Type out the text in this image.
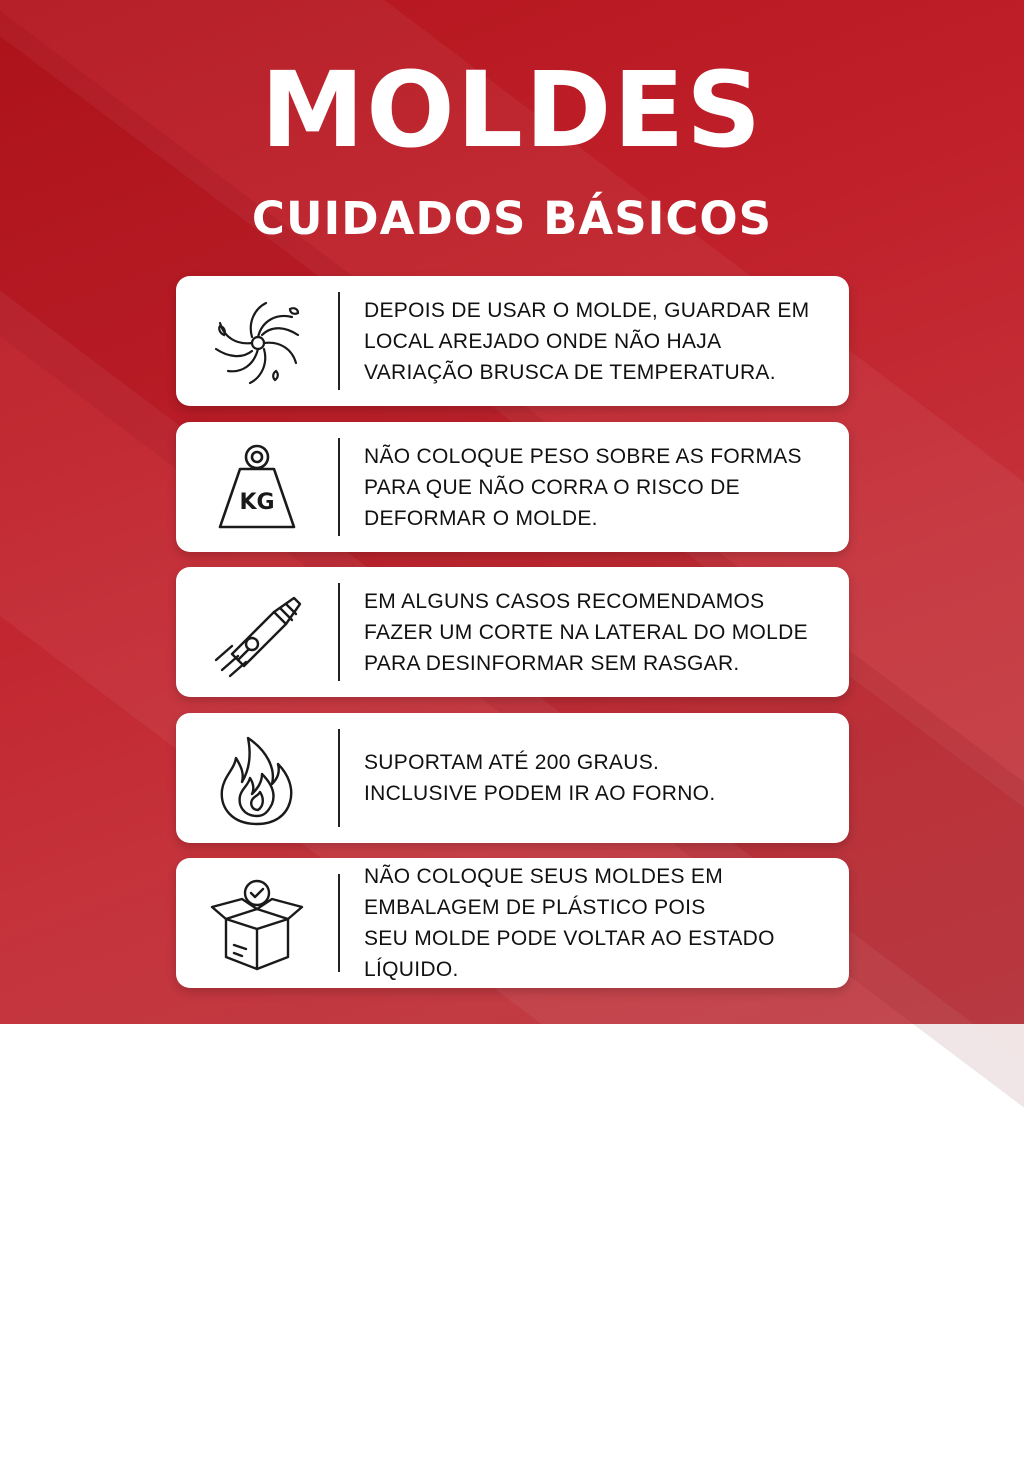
MOLDES
CUIDADOS BÁSICOS
DEPOIS DE USAR O MOLDE, GUARDAR EM
LOCAL AREJADO ONDE NÃO HAJA
VARIAÇÃO BRUSCA DE TEMPERATURA.
KG
NÃO COLOQUE PESO SOBRE AS FORMAS
PARA QUE NÃO CORRA O RISCO DE
DEFORMAR O MOLDE.
EM ALGUNS CASOS RECOMENDAMOS
FAZER UM CORTE NA LATERAL DO MOLDE
PARA DESINFORMAR SEM RASGAR.
SUPORTAM ATÉ 200 GRAUS.
INCLUSIVE PODEM IR AO FORNO.
NÃO COLOQUE SEUS MOLDES EM
EMBALAGEM DE PLÁSTICO POIS
SEU MOLDE PODE VOLTAR AO ESTADO
LÍQUIDO.
